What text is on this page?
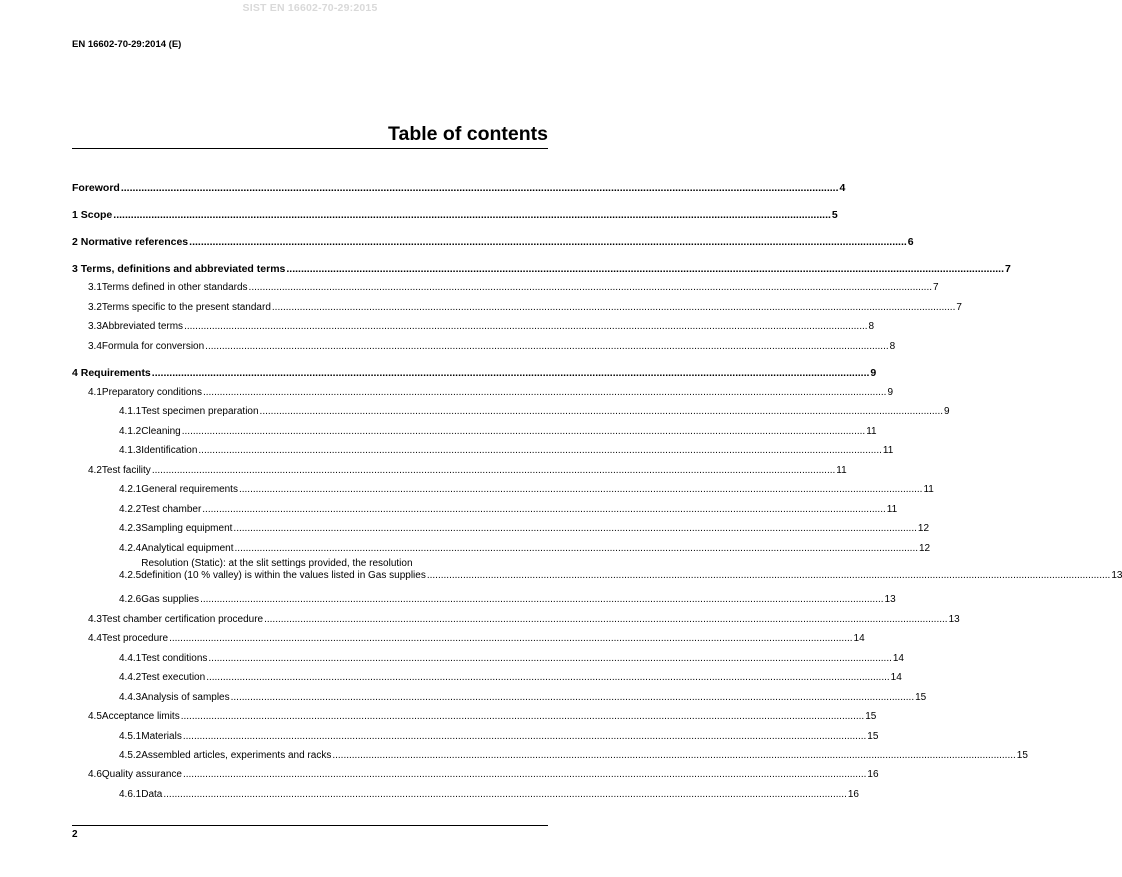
SIST EN 16602-70-29:2015
EN 16602-70-29:2014 (E)
Table of contents
Foreword .....	4
1 Scope .....	5
2 Normative references .....	6
3 Terms, definitions and abbreviated terms .....	7
3.1 Terms defined in other standards .....	7
3.2 Terms specific to the present standard .....	7
3.3 Abbreviated terms .....	8
3.4 Formula for conversion .....	8
4 Requirements .....	9
4.1 Preparatory conditions .....	9
4.1.1 Test specimen preparation .....	9
4.1.2 Cleaning .....	11
4.1.3 Identification .....	11
4.2 Test facility .....	11
4.2.1 General requirements .....	11
4.2.2 Test chamber .....	11
4.2.3 Sampling equipment .....	12
4.2.4 Analytical equipment .....	12
4.2.5
Resolution (Static): at the slit settings provided, the resolution
definition (10 % valley) is within the values listed in Gas supplies .....	13
4.2.6 Gas supplies .....	13
4.3 Test chamber certification procedure .....	13
4.4 Test procedure .....	14
4.4.1 Test conditions .....	14
4.4.2 Test execution .....	14
4.4.3 Analysis of samples .....	15
4.5 Acceptance limits .....	15
4.5.1 Materials .....	15
4.5.2 Assembled articles, experiments and racks .....	15
4.6 Quality assurance .....	16
4.6.1 Data .....	16
2
